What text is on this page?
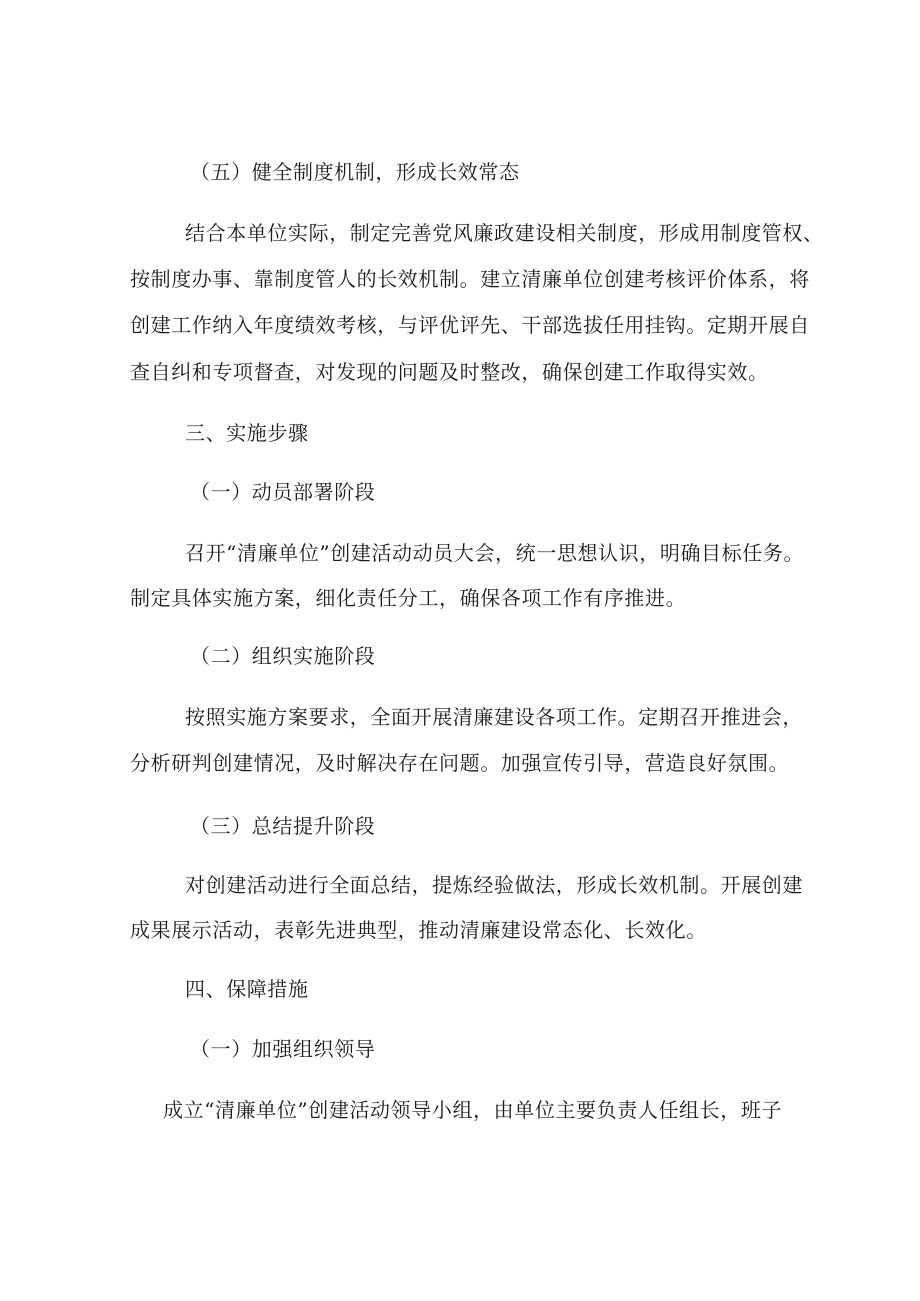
（五）健全制度机制，形成长效常态
结合本单位实际，制定完善党风廉政建设相关制度，形成用制度管权、
按制度办事、靠制度管人的长效机制。建立清廉单位创建考核评价体系，将
创建工作纳入年度绩效考核，与评优评先、干部选拔任用挂钩。定期开展自
查自纠和专项督查，对发现的问题及时整改，确保创建工作取得实效。
三、实施步骤
（一）动员部署阶段
召开“清廉单位”创建活动动员大会，统一思想认识，明确目标任务。
制定具体实施方案，细化责任分工，确保各项工作有序推进。
（二）组织实施阶段
按照实施方案要求，全面开展清廉建设各项工作。定期召开推进会，
分析研判创建情况，及时解决存在问题。加强宣传引导，营造良好氛围。
（三）总结提升阶段
对创建活动进行全面总结，提炼经验做法，形成长效机制。开展创建
成果展示活动，表彰先进典型，推动清廉建设常态化、长效化。
四、保障措施
（一）加强组织领导
成立“清廉单位”创建活动领导小组，由单位主要负责人任组长，班子
